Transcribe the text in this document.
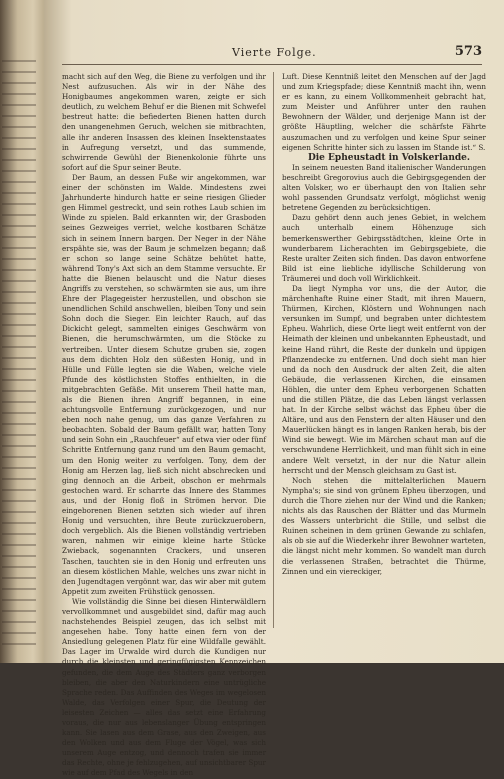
Vierte Folge.	573

macht sich auf den Weg, die Biene zu verfolgen und ihr Nest aufzusuchen. Als wir in der Nähe des Honigbaumes angekommen waren, zeigte er sich deutlich, zu welchem Behuf er die Bienen mit Schwefel bestreut hatte: die befiederten Bienen hatten durch den unangenehmen Geruch, welchen sie mitbrachten, alle ihr anderen Insassen des kleinen Insektenstaates in Aufregung versetzt, und das summende, schwirrende Gewühl der Bienenkolonie führte uns sofort auf die Spur seiner Beute.

Der Baum, an dessen Fuße wir angekommen, war einer der schönsten im Walde. Mindestens zwei Jahrhunderte hindurch hatte er seine riesigen Glieder gen Himmel gestreckt, und sein rothes Laub schien im Winde zu spielen. Bald erkannten wir, der Grasboden seines Gezweiges verriet, welche kostbaren Schätze sich in seinem Innern bargen. Der Neger in der Nähe erspähte sie, was der Baum je schmelzen begann; daß er schon so lange seine Schätze behütet hatte, während Tony's Axt sich an dem Stamme versuchte. Er hatte die Bienen belauscht und die Natur dieses Angriffs zu verstehen, so schwärmten sie aus, um ihre Ehre der Plagegeister herzustellen, und obschon sie unendlichen Schild anschwellen, bleiben Tony und sein Sohn doch die Sieger. Ein leichter Rauch, auf das Dickicht gelegt, sammelten einiges Geschwärm von Bienen, die herumschwärmten, um die Stöcke zu vertreiben. Unter diesem Schutze gruben sie, zogen aus dem dichten Holz den süßesten Honig, und in Hülle und Fülle legten sie die Waben, welche viele Pfunde des köstlichsten Stoffes enthielten, in die mitgebrachten Gefäße. Mit unserem Theil hatte man, als die Bienen ihren Angriff begannen, in eine achtungsvolle Entfernung zurückgezogen, und nur eben noch nahe genug, um das ganze Verfahren zu beobachten. Sobald der Baum gefällt war, hatten Tony und sein Sohn ein „Rauchfeuer“ auf etwa vier oder fünf Schritte Entfernung ganz rund um den Baum gemacht, um den Honig weiter zu verfolgen. Tony, dem der Honig am Herzen lag, ließ sich nicht abschrecken und ging dennoch an die Arbeit, obschon er mehrmals gestochen ward. Er scharrte das Innere des Stammes aus, und der Honig floß in Strömen hervor. Die eingeborenen Bienen setzten sich wieder auf ihren Honig und versuchten, ihre Beute zurückzuerobern, doch vergeblich. Als die Bienen vollständig vertrieben waren, nahmen wir einige kleine harte Stücke Zwieback, sogenannten Crackers, und unseren Taschen, tauchten sie in den Honig und erfreuten uns an diesem köstlichen Mahle, welches uns zwar nicht in den Jugendtagen vergönnt war, das wir aber mit gutem Appetit zum zweiten Frühstück genossen.

Wie vollständig die Sinne bei diesen Hinterwäldlern vervollkommnet und ausgebildet sind, dafür mag auch nachstehendes Beispiel zeugen, das ich selbst mit angesehen habe. Tony hatte einen fern von der Ansiedlung gelegenen Platz für eine Wildfalle gewählt. Das Lager im Urwalde wird durch die Kundigen nur durch die kleinsten und geringfügigsten Kennzeichen gefunden, die dem Auge des Städters ganz verborgen bleiben, die aber den Naturkindern eine untrügliche Sprache reden. Das Auffinden des Weges im wegelosen Walde, das Verfolgen einer Spur, die Deutung der leisesten Zeichen — alles das setzt eine Erfahrung voraus, die nur aus lebenslanger Übung entspringen kann. Sie lasen aus dem Grase, aus den Zweigen, aus den Wolken und aus dem Fluge der Vögel, was sich unserem Auge entzog, und dennoch trafen sie immer das Rechte, ohne je fehlzugehen, auf unsichtbarer Spur wie auf dem Pfad des Wegels in den

Luft. Diese Kenntniß leitet den Menschen auf der Jagd und zum Kriegspfade; diese Kenntniß macht ihn, wenn er es kann, zu einem Vollkommenheit gebracht hat, zum Meister und Anführer unter den rauhen Bewohnern der Wälder, und derjenige Mann ist der größte Häuptling, welcher die schärfste Fährte auszumachen und zu verfolgen und keine Spur seiner eigenen Schritte hinter sich zu lassen im Stande ist.“ S.

Die Epheustadt in Volskerlande.

In seinem neuesten Band italienischer Wanderungen beschreibt Gregorovius auch die Gebirgsgegenden der alten Volsker, wo er überhaupt den von Italien sehr wohl passenden Grundsatz verfolgt, möglichst wenig betretene Gegenden zu berücksichtigen.

Dazu gehört denn auch jenes Gebiet, in welchem auch unterhalb einem Höhenzuge sich bemerkenswerther Gebirgsstädtchen, kleine Orte in wunderbarem Licherachten im Gebirgsgebiete, die Reste uralter Zeiten sich finden. Das davon entworfene Bild ist eine liebliche idyllische Schilderung von Träumerei und doch voll Wirklichkeit.

Da liegt Nympha vor uns, die der Autor, die märchenhafte Ruine einer Stadt, mit ihren Mauern, Thürmen, Kirchen, Klöstern und Wohnungen nach versunken im Sumpf, und begraben unter dichtestem Epheu. Wahrlich, diese Orte liegt weit entfernt von der Heimath der kleinen und unbekannten Epheustadt, und keine Hand rührt, die Reste der dunkeln und üppigen Pflanzendecke zu entfernen. Und doch sieht man hier und da noch den Ausdruck der alten Zeit, die alten Gebäude, die verlassenen Kirchen, die einsamen Höhlen, die unter dem Epheu verborgenen Schatten und die stillen Plätze, die das Leben längst verlassen hat. In der Kirche selbst wächst das Epheu über die Altäre, und aus den Fenstern der alten Häuser und den Mauerlücken hängt es in langen Ranken herab, bis der Wind sie bewegt. Wie im Märchen schaut man auf die verschwundene Herrlichkeit, und man fühlt sich in eine andere Welt versetzt, in der nur die Natur allein herrscht und der Mensch gleichsam zu Gast ist.

Noch stehen die mittelalterlichen Mauern Nympha's; sie sind von grünem Epheu überzogen, und durch die Thore ziehen nur der Wind und die Ranken; nichts als das Rauschen der Blätter und das Murmeln des Wassers unterbricht die Stille, und selbst die Ruinen scheinen in dem grünen Gewande zu schlafen, als ob sie auf die Wiederkehr ihrer Bewohner warteten, die längst nicht mehr kommen. So wandelt man durch die verlassenen Straßen, betrachtet die Thürme, Zinnen und ein viereckiger,
